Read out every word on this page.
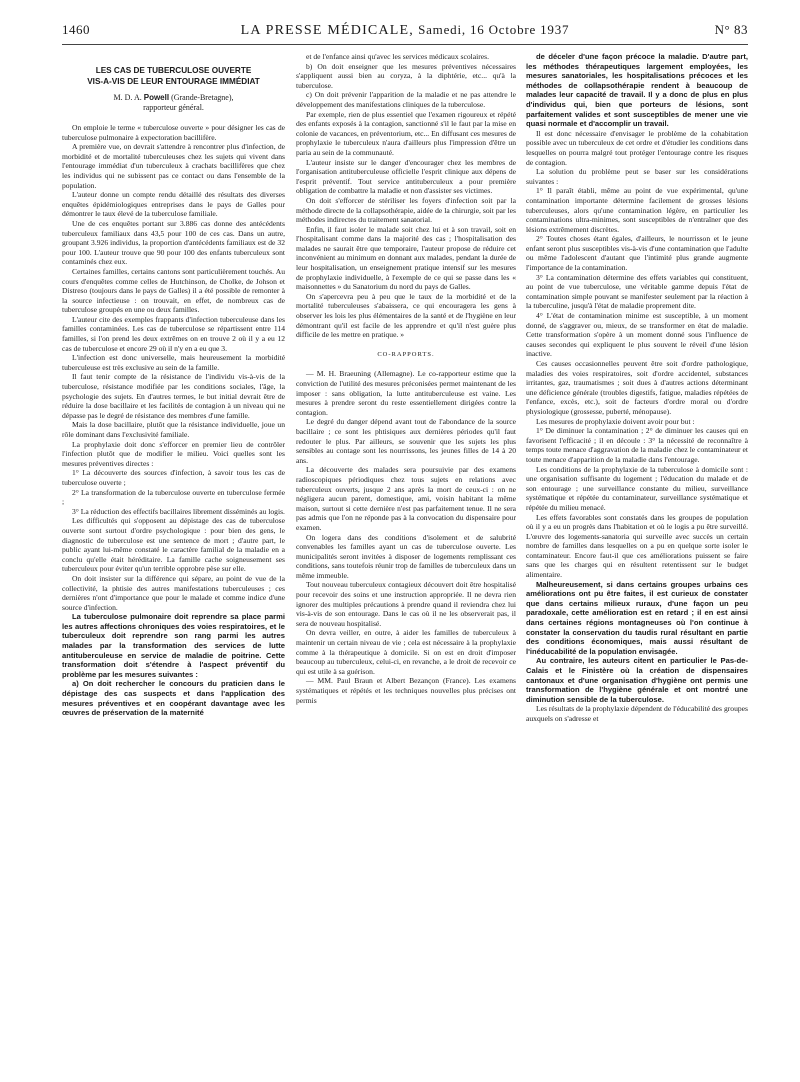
1460	LA PRESSE MÉDICALE, Samedi, 16 Octobre 1937	N° 83
LES CAS DE TUBERCULOSE OUVERTE
VIS-A-VIS DE LEUR ENTOURAGE IMMÉDIAT
M. D. A. Powell (Grande-Bretagne),
rapporteur général.

On emploie le terme « tuberculose ouverte » pour désigner les cas de tuberculose pulmonaire à expectoration bacillifère.

A première vue, on devrait s'attendre à rencontrer plus d'infection, de morbidité et de mortalité tuberculeuses chez les sujets qui vivent dans l'entourage immédiat d'un tuberculeux à crachats bacillifères que chez les individus qui ne subissent pas ce contact ou dans l'ensemble de la population.

L'auteur donne un compte rendu détaillé des résultats des diverses enquêtes épidémiologiques entreprises dans le pays de Galles pour démontrer le taux élevé de la tuberculose familiale.

Une de ces enquêtes portant sur 3.886 cas donne des antécédents tuberculeux familiaux dans 43,5 pour 100 de ces cas. Dans un autre, groupant 3.926 individus, la proportion d'antécédents familiaux est de 32 pour 100. L'auteur trouve que 90 pour 100 des enfants tuberculeux sont contaminés chez eux.

Certaines familles, certains cantons sont particulièrement touchés. Au cours d'enquêtes comme celles de Hutchinson, de Cholke, de Johson et Distreso (toujours dans le pays de Galles) il a été possible de remonter à la source infectieuse : on trouvait, en effet, de nombreux cas de tuberculose groupés en une ou deux familles.

L'auteur cite des exemples frappants d'infection tuberculeuse dans les familles contaminées. Les cas de tuberculose se répartissent entre 114 familles, si l'on prend les deux extrêmes on en trouve 2 où il y a eu 12 cas de tuberculose et encore 29 où il n'y en a eu que 3.

L'infection est donc universelle, mais heureusement la morbidité tuberculeuse est très exclusive au sein de la famille.

Il faut tenir compte de la résistance de l'individu vis-à-vis de la tuberculose, résistance modifiée par les conditions sociales, l'âge, la psychologie des sujets. En d'autres termes, le but initial devrait être de réduire la dose bacillaire et les facilités de contagion à un niveau qui ne dépasse pas le degré de résistance des membres d'une famille.

Mais la dose bacillaire, plutôt que la résistance individuelle, joue un rôle dominant dans l'exclusivité familiale.

La prophylaxie doit donc s'efforcer en premier lieu de contrôler l'infection plutôt que de modifier le milieu. Voici quelles sont les mesures préventives directes :

1° La découverte des sources d'infection, à savoir tous les cas de tuberculose ouverte ;

2° La transformation de la tuberculose ouverte en tuberculose fermée ;

3° La réduction des effectifs bacillaires librement disséminés au logis.

Les difficultés qui s'opposent au dépistage des cas de tuberculose ouverte sont surtout d'ordre psychologique : pour bien des gens, le diagnostic de tuberculose est une sentence de mort ; d'autre part, le public ayant lui-même constaté le caractère familial de la maladie en a conclu qu'elle était héréditaire. La famille cache soigneusement ses tuberculeux pour éviter qu'un terrible opprobre pèse sur elle.

On doit insister sur la différence qui sépare, au point de vue de la collectivité, la phtisie des autres manifestations tuberculeuses ; ces dernières n'ont d'importance que pour le malade et comme indice d'une source d'infection.

La tuberculose pulmonaire doit reprendre sa place parmi les autres affections chroniques des voies respiratoires, et le tuberculeux doit reprendre son rang parmi les autres malades par la transformation des services de lutte antituberculeuse en service de maladie de poitrine. Cette transformation doit s'étendre à l'aspect préventif du problème par les mesures suivantes :

a) On doit rechercher le concours du praticien dans le dépistage des cas suspects et dans l'application des mesures préventives et en coopérant davantage avec les œuvres de préservation de la maternité

et de l'enfance ainsi qu'avec les services médicaux scolaires.

b) On doit enseigner que les mesures préventives nécessaires s'appliquent aussi bien au coryza, à la diphtérie, etc... qu'à la tuberculose.

c) On doit prévenir l'apparition de la maladie et ne pas attendre le développement des manifestations cliniques de la tuberculose.

Par exemple, rien de plus essentiel que l'examen rigoureux et répété des enfants exposés à la contagion, sanctionné s'il le faut par la mise en colonie de vacances, en préventorium, etc... En diffusant ces mesures de prophylaxie le tuberculeux n'aura d'ailleurs plus l'impression d'être un paria au sein de la communauté.

L'auteur insiste sur le danger d'encourager chez les membres de l'organisation antituberculeuse officielle l'esprit clinique aux dépens de l'esprit préventif. Tout service antituberculeux a pour première obligation de combattre la maladie et non d'assister ses victimes.

On doit s'efforcer de stériliser les foyers d'infection soit par la méthode directe de la collapsothérapie, aidée de la chirurgie, soit par les méthodes indirectes du traitement sanatorial.

Enfin, il faut isoler le malade soit chez lui et à son travail, soit en l'hospitalisant comme dans la majorité des cas ; l'hospitalisation des malades ne saurait être que temporaire, l'auteur propose de réduire cet inconvénient au minimum en donnant aux malades, pendant la durée de leur hospitalisation, un enseignement pratique intensif sur les mesures de prophylaxie individuelle, à l'exemple de ce qui se passe dans les « maisonnettes » du Sanatorium du nord du pays de Galles.

On s'apercevra peu à peu que le taux de la morbidité et de la mortalité tuberculeuses s'abaissera, ce qui encouragera les gens à observer les lois les plus élémentaires de la santé et de l'hygiène en leur démontrant qu'il est facile de les apprendre et qu'il n'est guère plus difficile de les mettre en pratique. »

CO-RAPPORTS.

— M. H. Braeuning (Allemagne). Le co-rapporteur estime que la conviction de l'utilité des mesures préconisées permet maintenant de les imposer : sans obligation, la lutte antituberculeuse est vaine. Les mesures à prendre seront du reste essentiellement dirigées contre la contagion.

Le degré du danger dépend avant tout de l'abondance de la source bacillaire ; ce sont les phtisiques aux dernières périodes qu'il faut redouter le plus. Par ailleurs, se souvenir que les sujets les plus sensibles au contage sont les nourrissons, les jeunes filles de 14 à 20 ans.

La découverte des malades sera poursuivie par des examens radioscopiques périodiques chez tous sujets en relations avec tuberculeux ouverts, jusque 2 ans après la mort de ceux-ci : on ne négligera aucun parent, domestique, ami, voisin habitant la même maison, surtout si cette dernière n'est pas parfaitement tenue. Il ne sera pas admis que l'on ne réponde pas à la convocation du dispensaire pour examen.

On logera dans des conditions d'isolement et de salubrité convenables les familles ayant un cas de tuberculose ouverte. Les municipalités seront invitées à disposer de logements remplissant ces conditions, sans toutefois réunir trop de familles de tuberculeux dans un même immeuble.

Tout nouveau tuberculeux contagieux découvert doit être hospitalisé pour recevoir des soins et une instruction appropriée. Il ne devra rien ignorer des multiples précautions à prendre quand il reviendra chez lui vis-à-vis de son entourage. Dans le cas où il ne les observerait pas, il sera de nouveau hospitalisé.

On devra veiller, en outre, à aider les familles de tuberculeux à maintenir un certain niveau de vie ; cela est nécessaire à la prophylaxie comme à la thérapeutique à domicile. Si on est en droit d'imposer beaucoup au tuberculeux, celui-ci, en revanche, a le droit de recevoir ce qui est utile à sa guérison.

— MM. Paul Braun et Albert Bezançon (France). Les examens systématiques et répétés et les techniques nouvelles plus précises ont permis

de déceler d'une façon précoce la maladie. D'autre part, les méthodes thérapeutiques largement employées, les mesures sanatoriales, les hospitalisations précoces et les méthodes de collapsothérapie rendent à beaucoup de malades leur capacité de travail. Il y a donc de plus en plus d'individus qui, bien que porteurs de lésions, sont parfaitement valides et sont susceptibles de mener une vie quasi normale et d'accomplir un travail.

Il est donc nécessaire d'envisager le problème de la cohabitation possible avec un tuberculeux de cet ordre et d'étudier les conditions dans lesquelles on pourra malgré tout protéger l'entourage contre les risques de contagion.

La solution du problème peut se baser sur les considérations suivantes :

1° Il paraît établi, même au point de vue expérimental, qu'une contamination importante détermine facilement de grosses lésions tuberculeuses, alors qu'une contamination légère, en particulier les contaminations ultra-minimes, sont susceptibles de n'entraîner que des lésions extrêmement discrètes.

2° Toutes choses étant égales, d'ailleurs, le nourrisson et le jeune enfant seront plus susceptibles vis-à-vis d'une contamination que l'adulte ou même l'adolescent d'autant que l'intimité plus grande augmente l'importance de la contamination.

3° La contamination détermine des effets variables qui constituent, au point de vue tuberculose, une véritable gamme depuis l'état de contamination simple pouvant se manifester seulement par la réaction à la tuberculine, jusqu'à l'état de maladie proprement dite.

4° L'état de contamination minime est susceptible, à un moment donné, de s'aggraver ou, mieux, de se transformer en état de maladie. Cette transformation s'opère à un moment donné sous l'influence de causes secondes qui expliquent le plus souvent le réveil d'une lésion inactive.

Ces causes occasionnelles peuvent être soit d'ordre pathologique, maladies des voies respiratoires, soit d'ordre accidentel, substances irritantes, gaz, traumatismes ; soit dues à d'autres actions déterminant une déficience générale (troubles digestifs, fatigue, maladies répétées de l'enfance, excès, etc.), soit de facteurs d'ordre moral ou d'ordre physiologique (grossesse, puberté, ménopause).

Les mesures de prophylaxie doivent avoir pour but :

1° De diminuer la contamination ; 2° de diminuer les causes qui en favorisent l'efficacité ; il en découle : 3° la nécessité de reconnaître à temps toute menace d'aggravation de la maladie chez le contaminateur et toute menace d'apparition de la maladie dans l'entourage.

Les conditions de la prophylaxie de la tuberculose à domicile sont : une organisation suffisante du logement ; l'éducation du malade et de son entourage ; une surveillance constante du milieu, surveillance systématique et répétée du contaminateur, surveillance systématique et répétée du milieu menacé.

Les effets favorables sont constatés dans les groupes de population où il y a eu un progrès dans l'habitation et où le logis a pu être surveillé. L'œuvre des logements-sanatoria qui surveille avec succès un certain nombre de familles dans lesquelles on a pu en quelque sorte isoler le contaminateur. Encore faut-il que ces améliorations puissent se faire sans que les charges qui en résultent retentissent sur le budget alimentaire.

Malheureusement, si dans certains groupes urbains ces améliorations ont pu être faites, il est curieux de constater que dans certains milieux ruraux, d'une façon un peu paradoxale, cette amélioration est en retard ; il en est ainsi dans certaines régions montagneuses où l'on continue à constater la conservation du taudis rural résultant en partie des conditions économiques, mais aussi résultant de l'inéducabilité de la population envisagée.

Au contraire, les auteurs citent en particulier le Pas-de-Calais et le Finistère où la création de dispensaires cantonaux et d'une organisation d'hygiène ont permis une transformation de l'hygiène générale et ont montré une diminution sensible de la tuberculose.

Les résultats de la prophylaxie dépendent de l'éducabilité des groupes auxquels on s'adresse et
